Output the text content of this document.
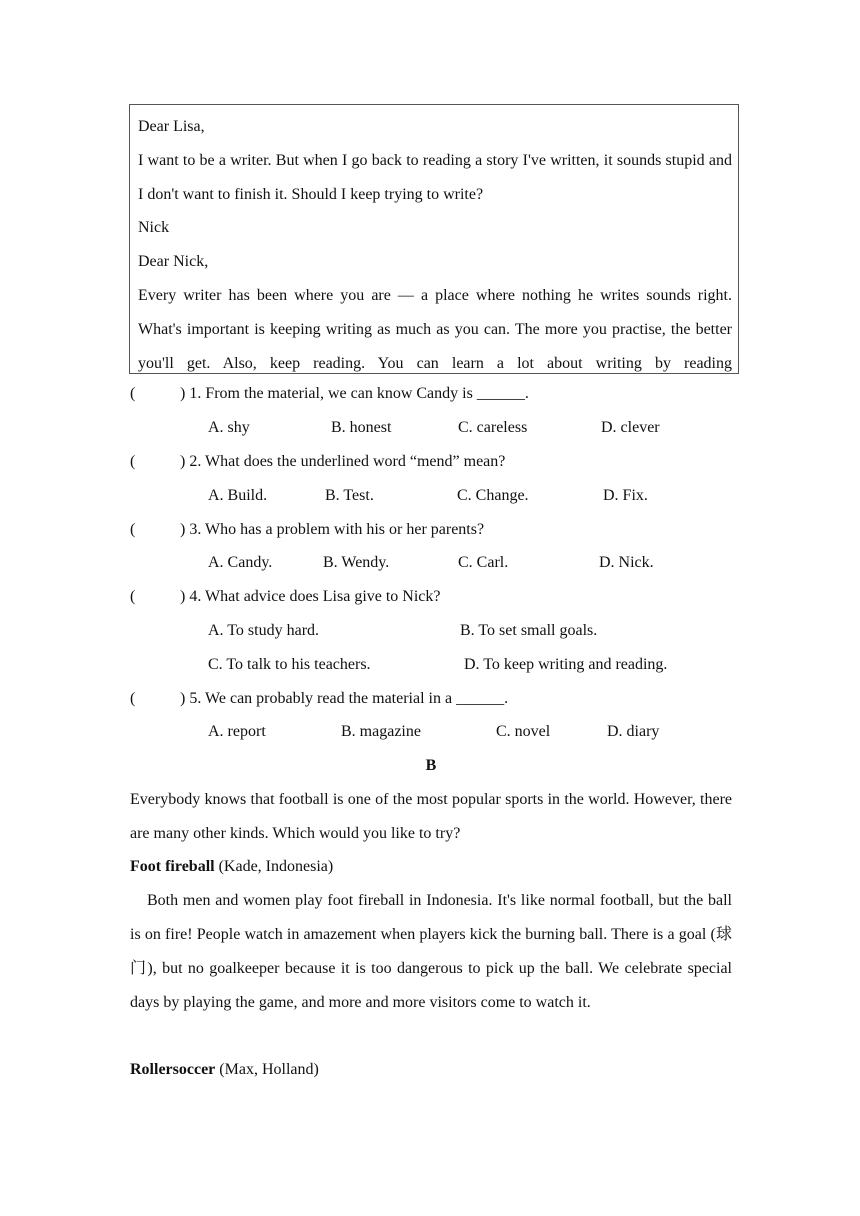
Dear Lisa,

I want to be a writer. But when I go back to reading a story I've written, it sounds stupid and I don't want to finish it. Should I keep trying to write?

Nick

Dear Nick,

Every writer has been where you are — a place where nothing he writes sounds right. What's important is keeping writing as much as you can. The more you practise, the better you'll get. Also, keep reading. You can learn a lot about writing by reading

(	) 1. From the material, we can know Candy is ______.
A. shy	B. honest	C. careless	D. clever
(	) 2. What does the underlined word “mend” mean?
A. Build.	B. Test.	C. Change.	D. Fix.
(	) 3. Who has a problem with his or her parents?
A. Candy.	B. Wendy.	C. Carl.	D. Nick.
(	) 4. What advice does Lisa give to Nick?
A. To study hard.	B. To set small goals.
C. To talk to his teachers.	D. To keep writing and reading.
(	) 5. We can probably read the material in a ______.
A. report	B. magazine	C. novel	D. diary
B

Everybody knows that football is one of the most popular sports in the world. However, there are many other kinds. Which would you like to try?

Foot fireball (Kade, Indonesia)

Both men and women play foot fireball in Indonesia. It's like normal football, but the ball is on fire! People watch in amazement when players kick the burning ball. There is a goal (球门), but no goalkeeper because it is too dangerous to pick up the ball. We celebrate special days by playing the game, and more and more visitors come to watch it.

Rollersoccer (Max, Holland)
